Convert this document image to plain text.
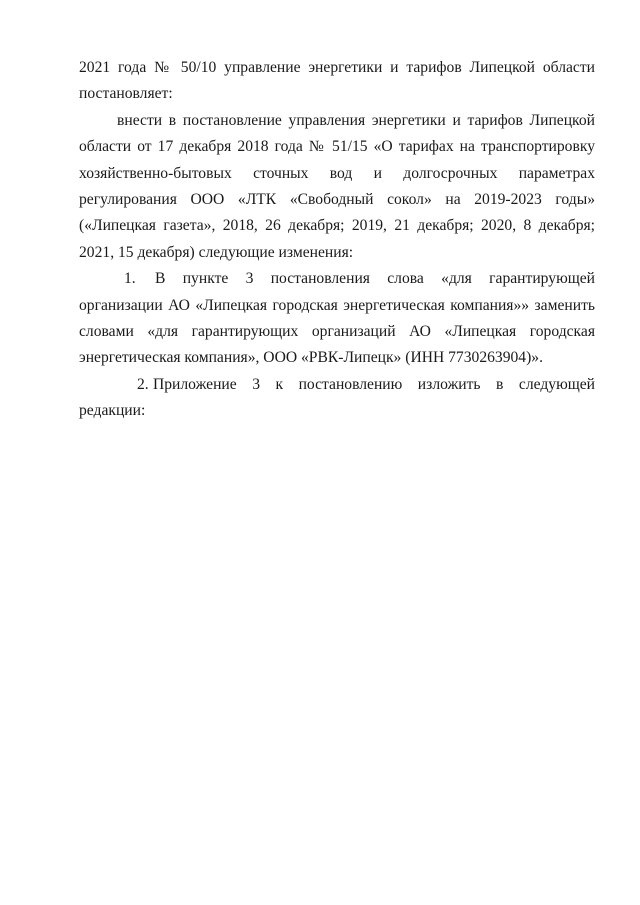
2021 года № 50/10 управление энергетики и тарифов Липецкой области постановляет:

внести в постановление управления энергетики и тарифов Липецкой области от 17 декабря 2018 года № 51/15 «О тарифах на транспортировку хозяйственно-бытовых сточных вод и долгосрочных параметрах регулирования ООО «ЛТК «Свободный сокол» на 2019-2023 годы» («Липецкая газета», 2018, 26 декабря; 2019, 21 декабря; 2020, 8 декабря; 2021, 15 декабря) следующие изменения:

1. В пункте 3 постановления слова «для гарантирующей организации АО «Липецкая городская энергетическая компания»» заменить словами «для гарантирующих организаций АО «Липецкая городская энергетическая компания», ООО «РВК-Липецк» (ИНН 7730263904)».

2. Приложение 3 к постановлению изложить в следующей редакции:
